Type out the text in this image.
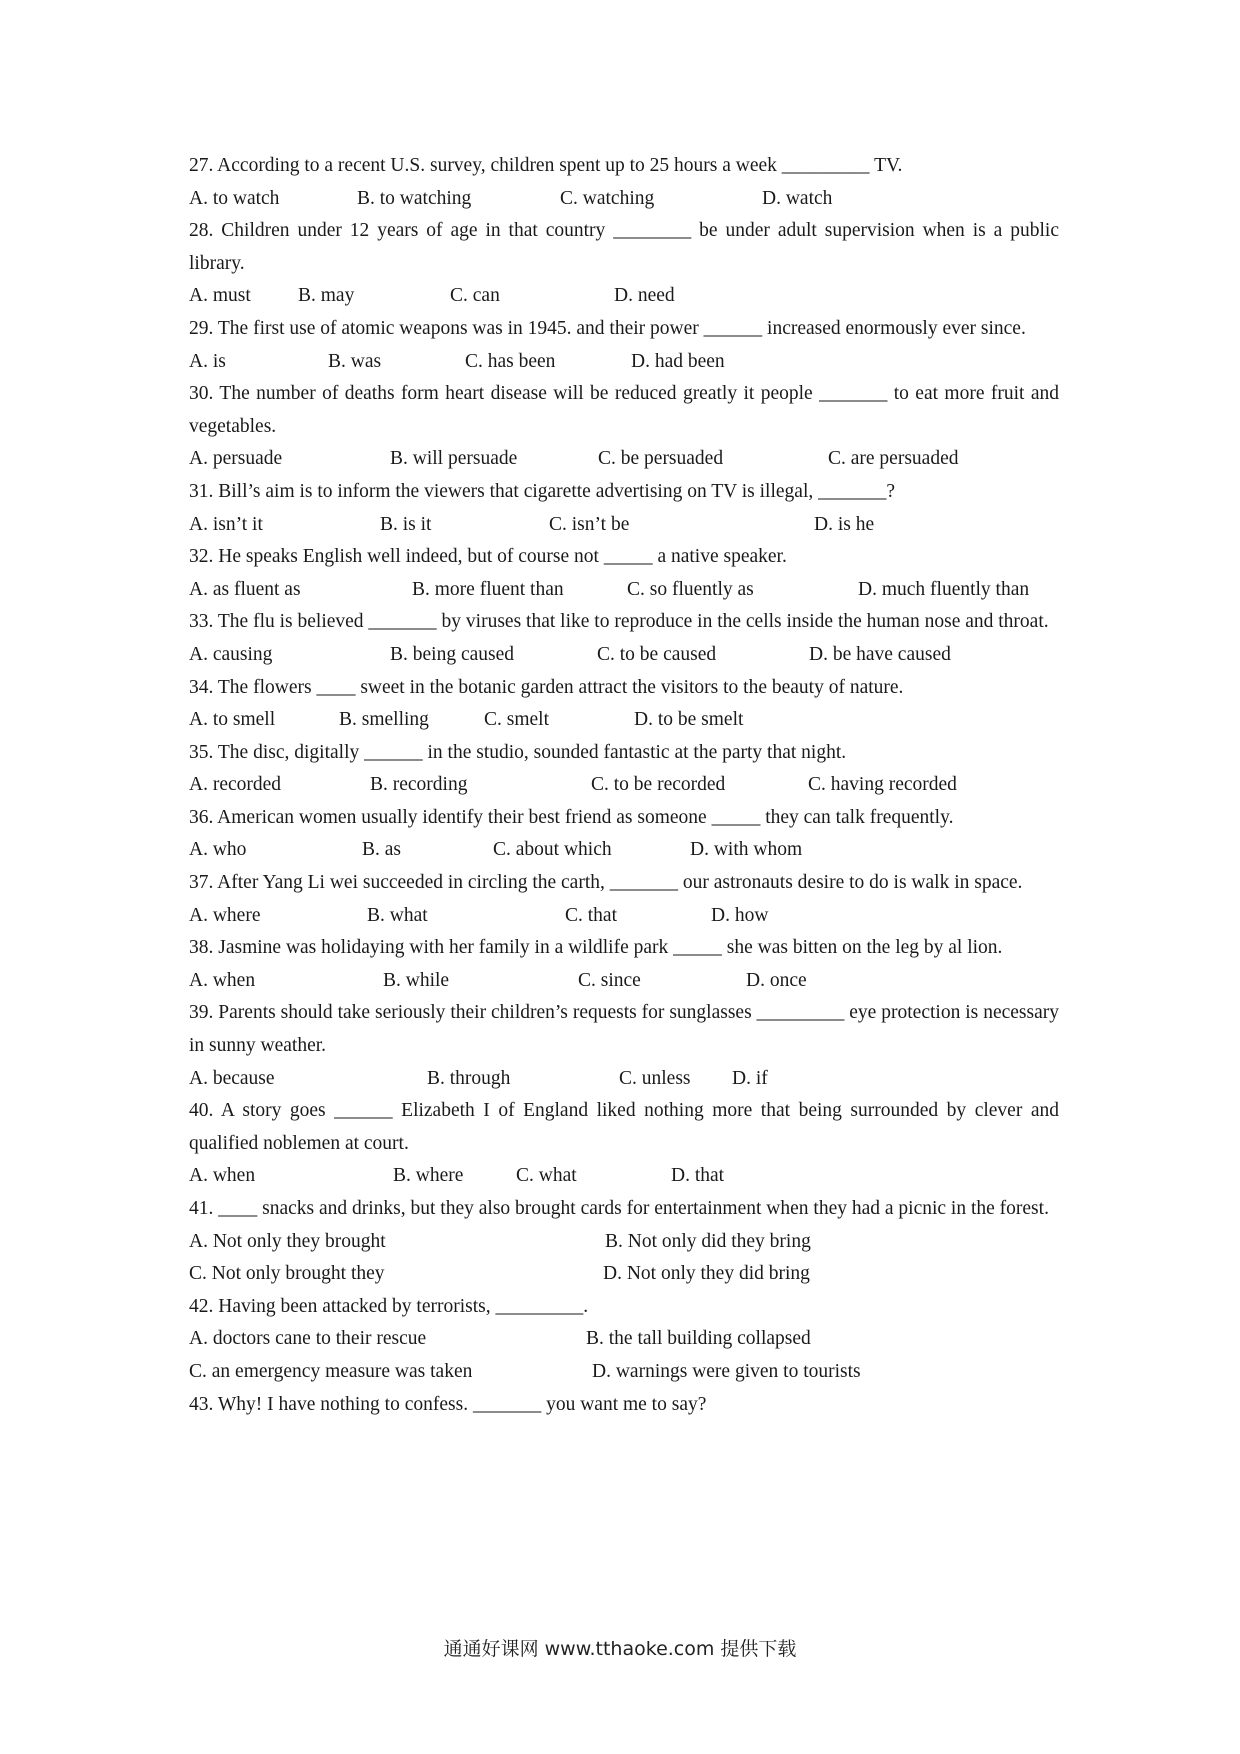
27. According to a recent U.S. survey, children spent up to 25 hours a week _________ TV.

A. to watch	B. to watching	C. watching	D. watch

28. Children under 12 years of age in that country ________ be under adult supervision when is a public library.

A. must	B. may	C. can	D. need

29. The first use of atomic weapons was in 1945. and their power ______ increased enormously ever since.

A. is	B. was	C. has been	D. had been

30. The number of deaths form heart disease will be reduced greatly it people _______ to eat more fruit and vegetables.

A. persuade	B. will persuade	C. be persuaded	C. are persuaded

31. Bill’s aim is to inform the viewers that cigarette advertising on TV is illegal, _______?

A. isn’t it	B. is it	C. isn’t be	D. is he

32. He speaks English well indeed, but of course not _____ a native speaker.

A. as fluent as	B. more fluent than	C. so fluently as	D. much fluently than

33. The flu is believed _______ by viruses that like to reproduce in the cells inside the human nose and throat.

A. causing	B. being caused	C. to be caused	D. be have caused

34. The flowers ____ sweet in the botanic garden attract the visitors to the beauty of nature.

A. to smell	B. smelling	C. smelt	D. to be smelt

35. The disc, digitally ______ in the studio, sounded fantastic at the party that night.

A. recorded	B. recording	C. to be recorded	C. having recorded

36. American women usually identify their best friend as someone _____ they can talk frequently.

A. who	B. as	C. about which	D. with whom

37. After Yang Li wei succeeded in circling the carth, _______ our astronauts desire to do is walk in space.

A. where	B. what	C. that	D. how

38. Jasmine was holidaying with her family in a wildlife park _____ she was bitten on the leg by al lion.

A. when	B. while	C. since	D. once

39. Parents should take seriously their children’s requests for sunglasses _________ eye protection is necessary in sunny weather.

A. because	B. through	C. unless	D. if

40. A story goes ______ Elizabeth I of England liked nothing more that being surrounded by clever and qualified noblemen at court.

A. when	B. where	C. what	D. that

41. ____ snacks and drinks, but they also brought cards for entertainment when they had a picnic in the forest.

A. Not only they brought	B. Not only did they bring
C. Not only brought they	D. Not only they did bring

42. Having been attacked by terrorists, _________.

A. doctors cane to their rescue	B. the tall building collapsed
C. an emergency measure was taken	D. warnings were given to tourists

43. Why! I have nothing to confess. _______ you want me to say?

通通好课网 www.tthaoke.com 提供下载
